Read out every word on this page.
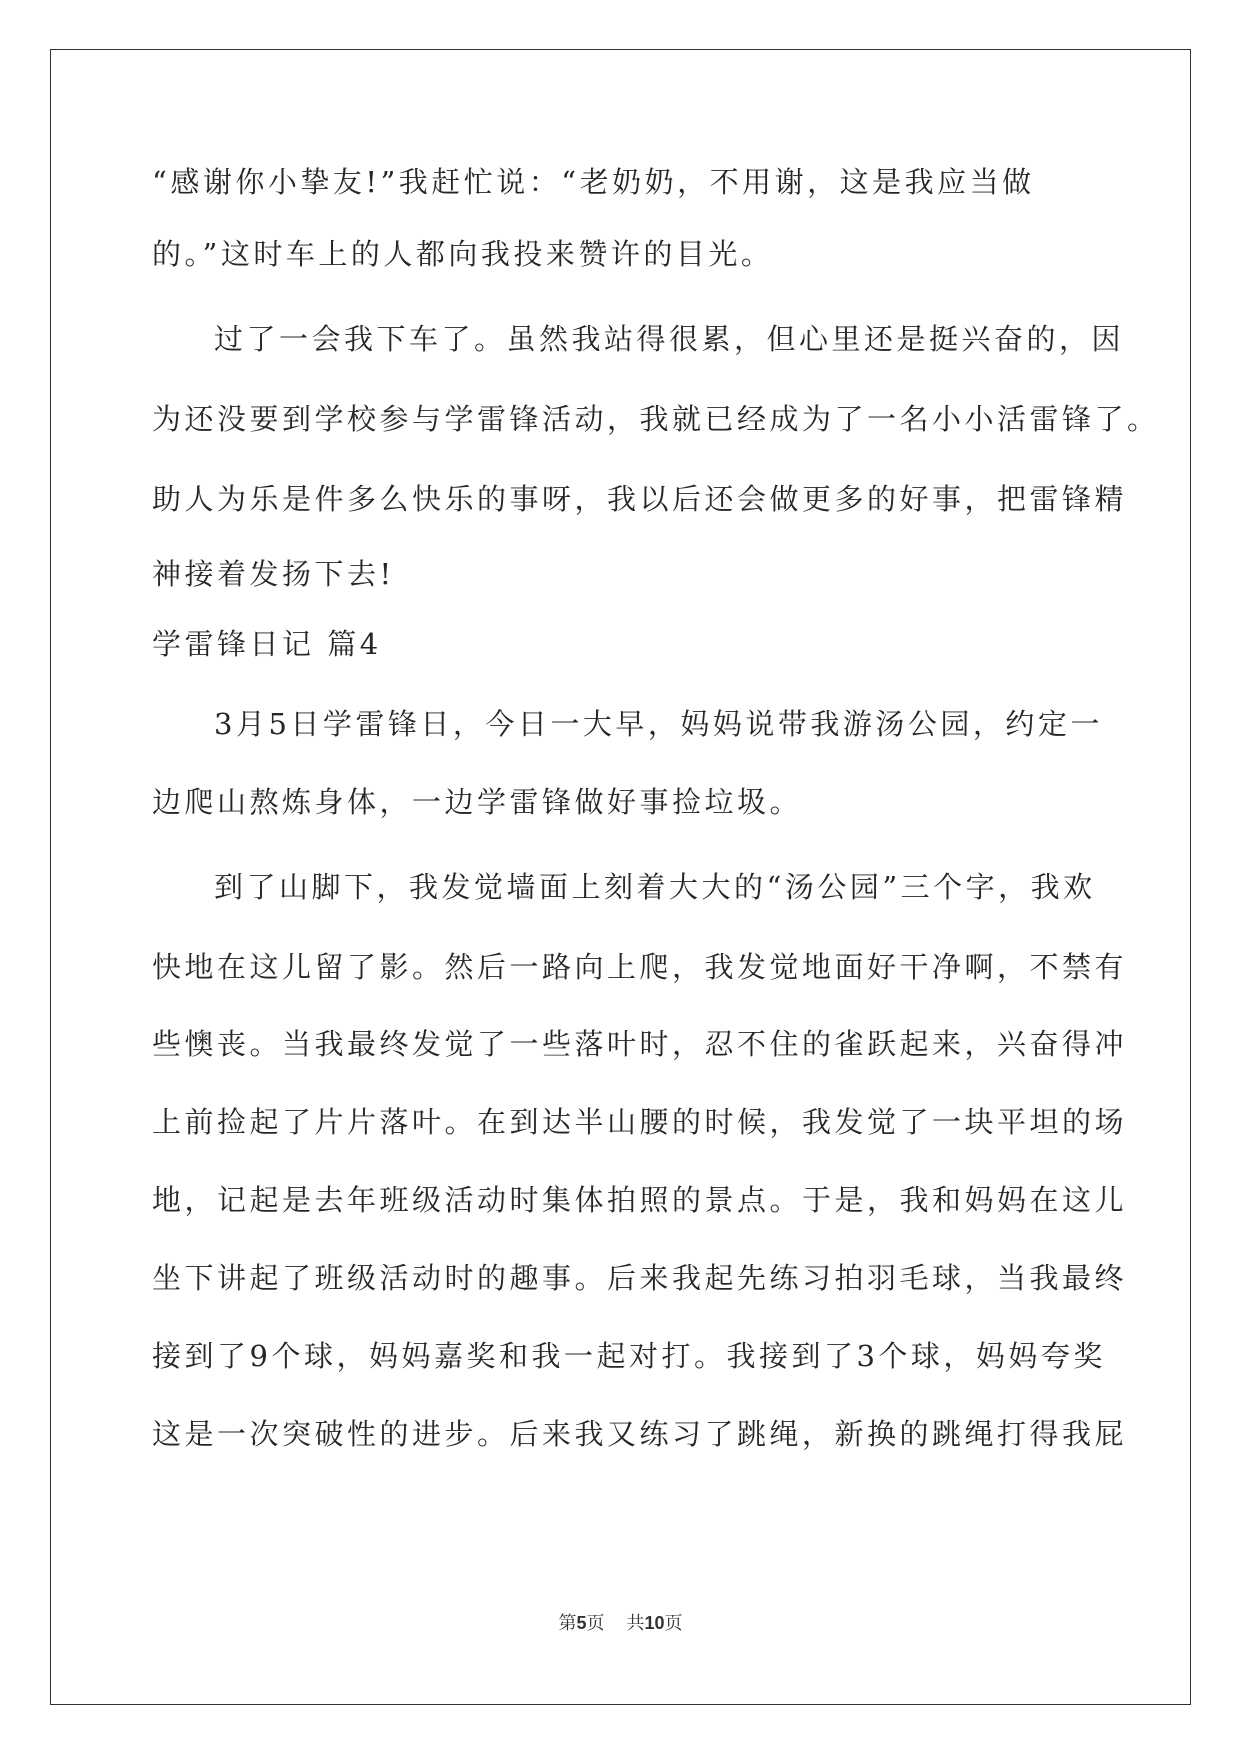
“感谢你小挚友!”我赶忙说：“老奶奶，不用谢，这是我应当做
的。”这时车上的人都向我投来赞许的目光。
过了一会我下车了。虽然我站得很累，但心里还是挺兴奋的，因
为还没要到学校参与学雷锋活动，我就已经成为了一名小小活雷锋了。
助人为乐是件多么快乐的事呀，我以后还会做更多的好事，把雷锋精
神接着发扬下去!
学雷锋日记 篇4
3月5日学雷锋日，今日一大早，妈妈说带我游汤公园，约定一
边爬山熬炼身体，一边学雷锋做好事捡垃圾。
到了山脚下，我发觉墙面上刻着大大的“汤公园”三个字，我欢
快地在这儿留了影。然后一路向上爬，我发觉地面好干净啊，不禁有
些懊丧。当我最终发觉了一些落叶时，忍不住的雀跃起来，兴奋得冲
上前捡起了片片落叶。在到达半山腰的时候，我发觉了一块平坦的场
地，记起是去年班级活动时集体拍照的景点。于是，我和妈妈在这儿
坐下讲起了班级活动时的趣事。后来我起先练习拍羽毛球，当我最终
接到了9个球，妈妈嘉奖和我一起对打。我接到了3个球，妈妈夸奖
这是一次突破性的进步。后来我又练习了跳绳，新换的跳绳打得我屁
第5页 共10页
